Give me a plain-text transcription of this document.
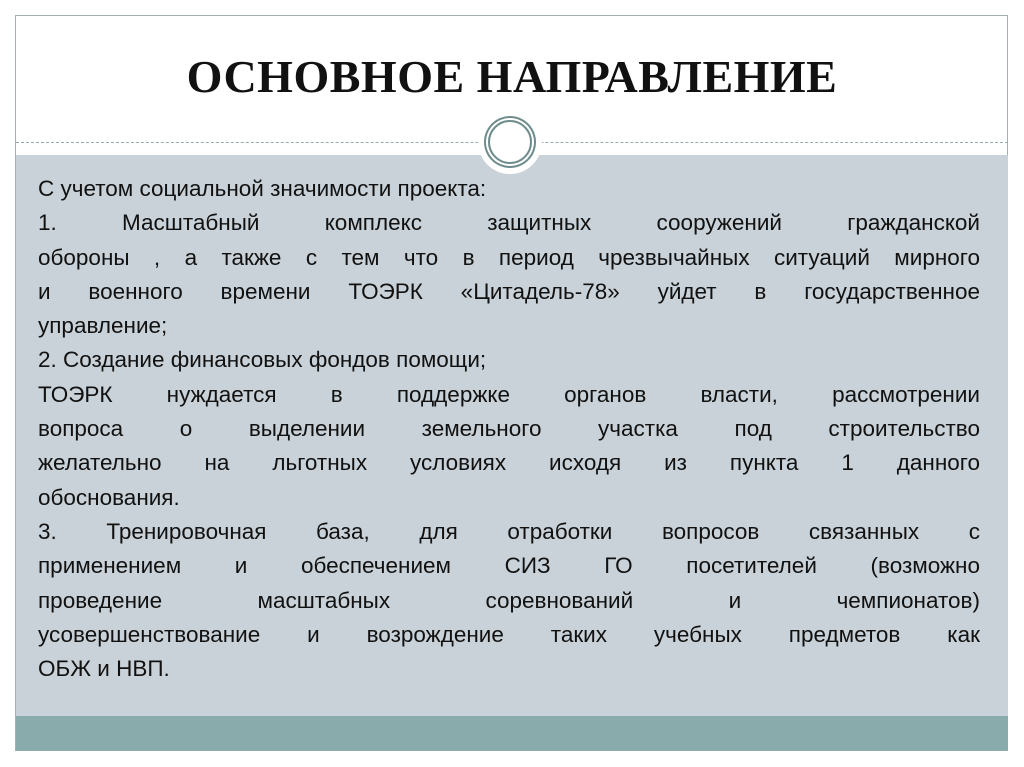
ОСНОВНОЕ НАПРАВЛЕНИЕ
С учетом социальной значимости проекта:
1. Масштабный комплекс защитных сооружений гражданской
обороны , а также с тем что в период чрезвычайных ситуаций мирного
и военного времени ТОЭРК «Цитадель-78» уйдет в государственное
управление;
2. Создание финансовых фондов помощи;
ТОЭРК нуждается в поддержке органов власти, рассмотрении
вопроса о выделении земельного участка под строительство
желательно на льготных условиях исходя из пункта 1 данного
обоснования.
3. Тренировочная база, для отработки вопросов связанных с
применением и обеспечением СИЗ ГО посетителей (возможно
проведение масштабных соревнований и чемпионатов)
усовершенствование и возрождение таких учебных предметов как
ОБЖ и НВП.
